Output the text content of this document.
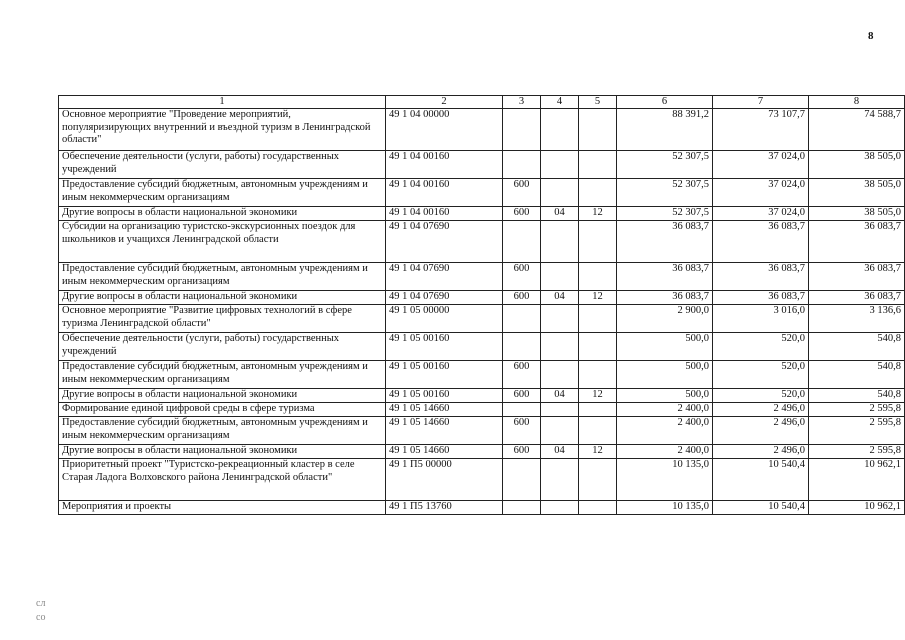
8
1	2	3	4	5	6	7	8
Основное мероприятие "Проведение мероприятий, популяризирующих внутренний и въездной туризм в Ленинградской области"	49 1 04 00000				88 391,2	73 107,7	74 588,7
Обеспечение деятельности (услуги, работы) государственных учреждений	49 1 04 00160				52 307,5	37 024,0	38 505,0
Предоставление субсидий бюджетным, автономным учреждениям и иным некоммерческим организациям	49 1 04 00160	600			52 307,5	37 024,0	38 505,0
Другие вопросы в области национальной экономики	49 1 04 00160	600	04	12	52 307,5	37 024,0	38 505,0
Субсидии на организацию туристско-экскурсионных поездок для школьников и учащихся Ленинградской области	49 1 04 07690				36 083,7	36 083,7	36 083,7
Предоставление субсидий бюджетным, автономным учреждениям и иным некоммерческим организациям	49 1 04 07690	600			36 083,7	36 083,7	36 083,7
Другие вопросы в области национальной экономики	49 1 04 07690	600	04	12	36 083,7	36 083,7	36 083,7
Основное мероприятие "Развитие цифровых технологий в сфере туризма Ленинградской области"	49 1 05 00000				2 900,0	3 016,0	3 136,6
Обеспечение деятельности (услуги, работы) государственных учреждений	49 1 05 00160				500,0	520,0	540,8
Предоставление субсидий бюджетным, автономным учреждениям и иным некоммерческим организациям	49 1 05 00160	600			500,0	520,0	540,8
Другие вопросы в области национальной экономики	49 1 05 00160	600	04	12	500,0	520,0	540,8
Формирование единой цифровой среды в сфере туризма	49 1 05 14660				2 400,0	2 496,0	2 595,8
Предоставление субсидий бюджетным, автономным учреждениям и иным некоммерческим организациям	49 1 05 14660	600			2 400,0	2 496,0	2 595,8
Другие вопросы в области национальной экономики	49 1 05 14660	600	04	12	2 400,0	2 496,0	2 595,8
Приоритетный проект "Туристско-рекреационный кластер в селе Старая Ладога Волховского района Ленинградской области"	49 1 П5 00000				10 135,0	10 540,4	10 962,1
Мероприятия и проекты	49 1 П5 13760				10 135,0	10 540,4	10 962,1
сл
со
